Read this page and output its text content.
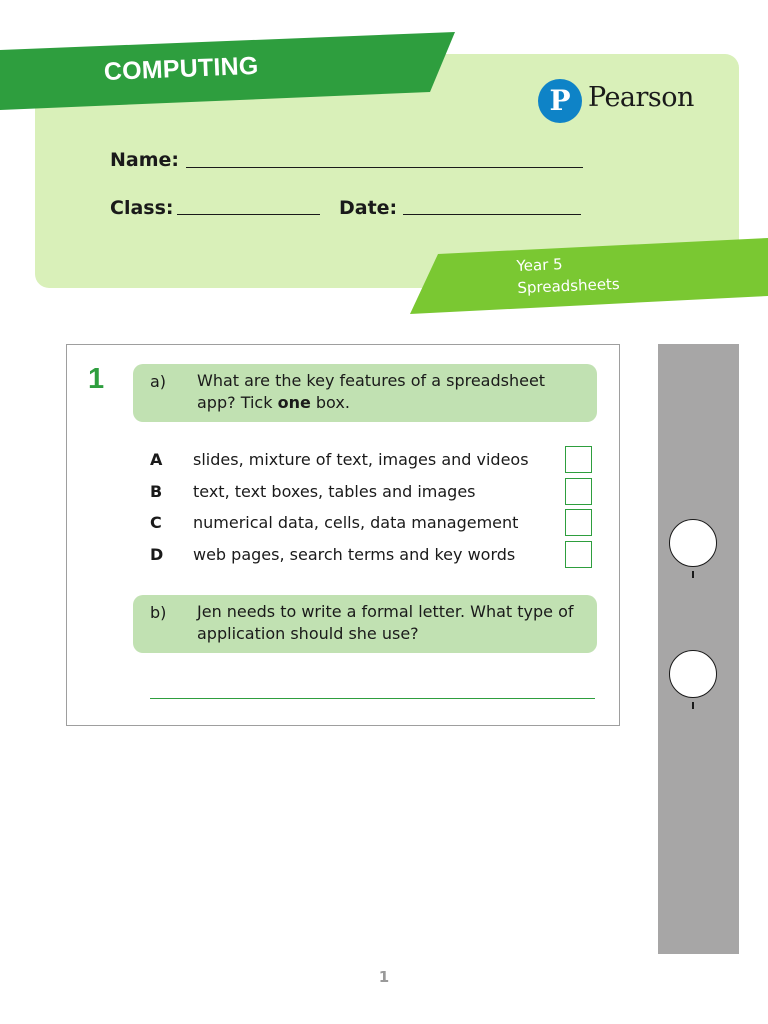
COMPUTING
P Pearson
Name:
Class:	Date:
Year 5
Spreadsheets
1	a) What are the key features of a spreadsheet app? Tick one box.
A slides, mixture of text, images and videos
B text, text boxes, tables and images
C numerical data, cells, data management
D web pages, search terms and key words
b) Jen needs to write a formal letter. What type of application should she use?
1
